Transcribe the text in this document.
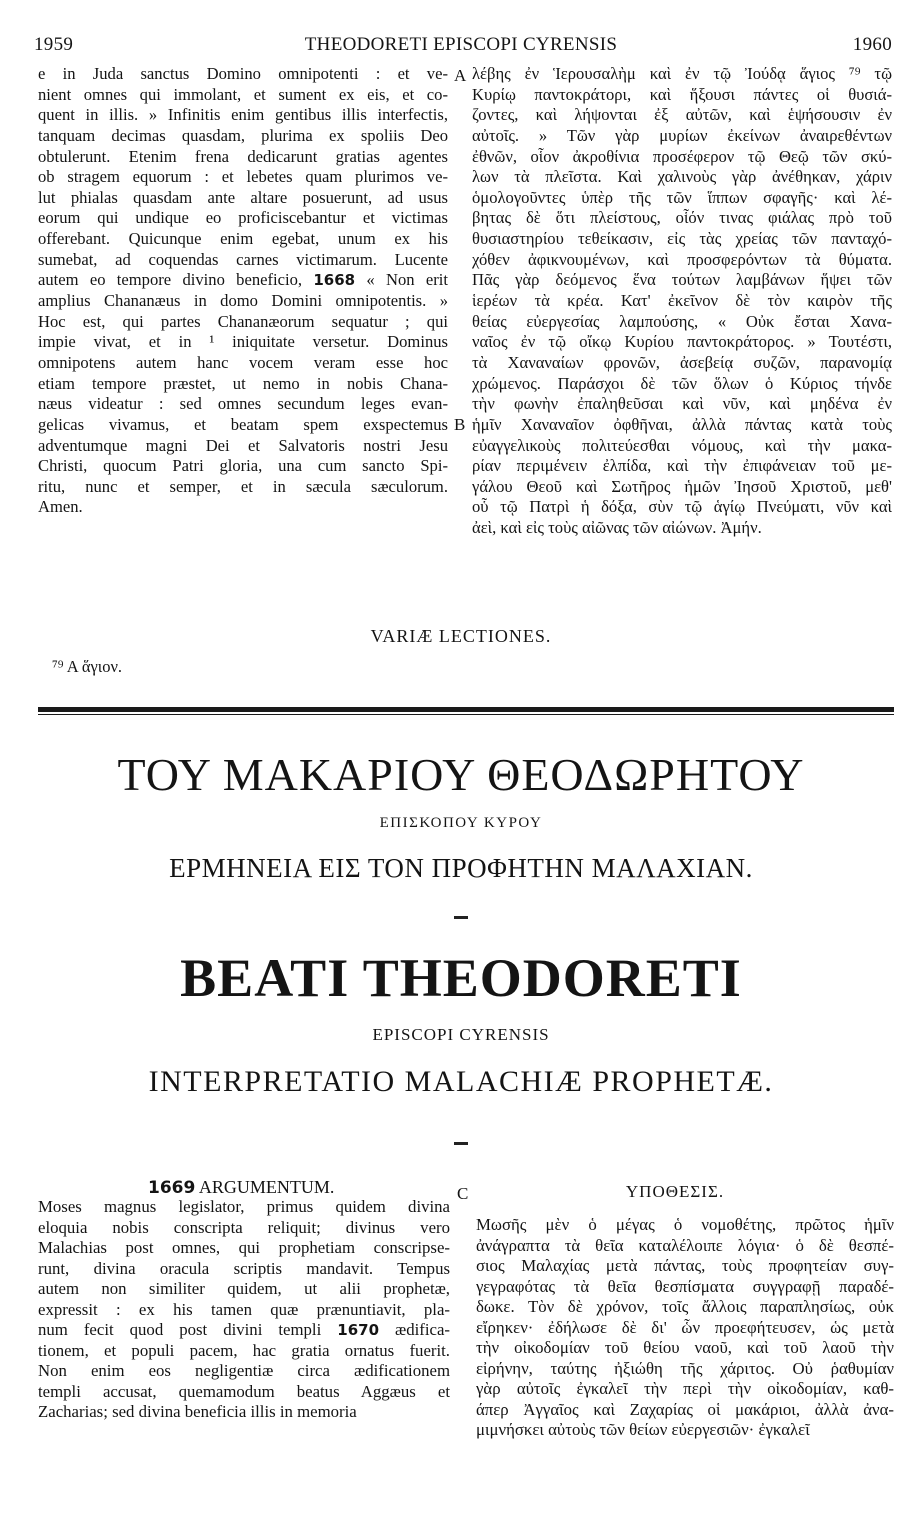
1959	THEODORETI EPISCOPI CYRENSIS	1960
e in Juda sanctus Domino omnipotenti : et ve-
nient omnes qui immolant, et sument ex eis, et co-
quent in illis. » Infinitis enim gentibus illis interfectis,
tanquam decimas quasdam, plurima ex spoliis Deo
obtulerunt. Etenim frena dedicarunt gratias agentes
ob stragem equorum : et lebetes quam plurimos ve-
lut phialas quasdam ante altare posuerunt, ad usus
eorum qui undique eo proficiscebantur et victimas
offerebant. Quicunque enim egebat, unum ex his
sumebat, ad coquendas carnes victimarum. Lucente
autem eo tempore divino beneficio, 1668 « Non erit
amplius Chananæus in domo Domini omnipotentis. »
Hoc est, qui partes Chananæorum sequatur ; qui
impie vivat, et in ¹ iniquitate versetur. Dominus
omnipotens autem hanc vocem veram esse hoc
etiam tempore præstet, ut nemo in nobis Chana-
næus videatur : sed omnes secundum leges evan-
gelicas vivamus, et beatam spem exspectemus
adventumque magni Dei et Salvatoris nostri Jesu
Christi, quocum Patri gloria, una cum sancto Spi-
ritu, nunc et semper, et in sæcula sæculorum.
Amen.
λέβης ἐν Ἱερουσαλὴμ καὶ ἐν τῷ Ἰούδᾳ ἅγιος ⁷⁹ τῷ
Κυρίῳ παντοκράτορι, καὶ ἥξουσι πάντες οἱ θυσιά-
ζοντες, καὶ λήψονται ἐξ αὐτῶν, καὶ ἑψήσουσιν ἐν
αὐτοῖς. » Τῶν γὰρ μυρίων ἐκείνων ἀναιρεθέντων
ἐθνῶν, οἷον ἀκροθίνια προσέφερον τῷ Θεῷ τῶν σκύ-
λων τὰ πλεῖστα. Καὶ χαλινοὺς γὰρ ἀνέθηκαν, χάριν
ὁμολογοῦντες ὑπὲρ τῆς τῶν ἵππων σφαγῆς· καὶ λέ-
βητας δὲ ὅτι πλείστους, οἷόν τινας φιάλας πρὸ τοῦ
θυσιαστηρίου τεθείκασιν, εἰς τὰς χρείας τῶν πανταχό-
χόθεν ἀφικνουμένων, καὶ προσφερόντων τὰ θύματα.
Πᾶς γὰρ δεόμενος ἕνα τούτων λαμβάνων ἥψει τῶν
ἱερέων τὰ κρέα. Κατ' ἐκεῖνον δὲ τὸν καιρὸν τῆς
θείας εὐεργεσίας λαμπούσης, « Οὐκ ἔσται Χανα-
ναῖος ἐν τῷ οἴκῳ Κυρίου παντοκράτορος. » Τουτέστι,
τὰ Χαναναίων φρονῶν, ἀσεβείᾳ συζῶν, παρανομίᾳ
χρώμενος. Παράσχοι δὲ τῶν ὅλων ὁ Κύριος τήνδε
τὴν φωνὴν ἐπαληθεῦσαι καὶ νῦν, καὶ μηδένα ἐν
ἡμῖν Χαναναῖον ὀφθῆναι, ἀλλὰ πάντας κατὰ τοὺς
εὐαγγελικοὺς πολιτεύεσθαι νόμους, καὶ τὴν μακα-
ρίαν περιμένειν ἐλπίδα, καὶ τὴν ἐπιφάνειαν τοῦ με-
γάλου Θεοῦ καὶ Σωτῆρος ἡμῶν Ἰησοῦ Χριστοῦ, μεθ'
οὗ τῷ Πατρὶ ἡ δόξα, σὺν τῷ ἁγίῳ Πνεύματι, νῦν καὶ
ἀεὶ, καὶ εἰς τοὺς αἰῶνας τῶν αἰώνων. Ἀμήν.
A
B
VARIÆ LECTIONES.
⁷⁹ A ἅγιον.
ΤΟΥ ΜΑΚΑΡΙΟΥ ΘΕΟΔΩΡΗΤΟΥ
ΕΠΙΣΚΟΠΟΥ ΚΥΡΟΥ
ΕΡΜΗΝΕΙΑ ΕΙΣ ΤΟΝ ΠΡΟΦΗΤΗΝ ΜΑΛΑΧΙΑΝ.
BEATI THEODORETI
EPISCOPI CYRENSIS
INTERPRETATIO MALACHIÆ PROPHETÆ.
1669 ARGUMENTUM.	C	ΥΠΟΘΕΣΙΣ.
Moses magnus legislator, primus quidem divina
eloquia nobis conscripta reliquit; divinus vero
Malachias post omnes, qui prophetiam conscripse-
runt, divina oracula scriptis mandavit. Tempus
autem non similiter quidem, ut alii prophetæ,
expressit : ex his tamen quæ prænuntiavit, pla-
num fecit quod post divini templi 1670 ædifica-
tionem, et populi pacem, hac gratia ornatus fuerit.
Non enim eos negligentiæ circa ædificationem
templi accusat, quemamodum beatus Aggæus et
Zacharias; sed divina beneficia illis in memoria
Μωσῆς μὲν ὁ μέγας ὁ νομοθέτης, πρῶτος ἡμῖν
ἀνάγραπτα τὰ θεῖα καταλέλοιπε λόγια· ὁ δὲ θεσπέ-
σιος Μαλαχίας μετὰ πάντας, τοὺς προφητείαν συγ-
γεγραφότας τὰ θεῖα θεσπίσματα συγγραφῇ παραδέ-
δωκε. Τὸν δὲ χρόνον, τοῖς ἄλλοις παραπλησίως, οὐκ
εἴρηκεν· ἐδήλωσε δὲ δι' ὧν προεφήτευσεν, ὡς μετὰ
τὴν οἰκοδομίαν τοῦ θείου ναοῦ, καὶ τοῦ λαοῦ τὴν
εἰρήνην, ταύτης ἠξιώθη τῆς χάριτος. Οὐ ῥαθυμίαν
γὰρ αὐτοῖς ἐγκαλεῖ τὴν περὶ τὴν οἰκοδομίαν, καθ-
άπερ Ἀγγαῖος καὶ Ζαχαρίας οἱ μακάριοι, ἀλλὰ ἀνα-
μιμνήσκει αὐτοὺς τῶν θείων εὐεργεσιῶν· ἐγκαλεῖ
